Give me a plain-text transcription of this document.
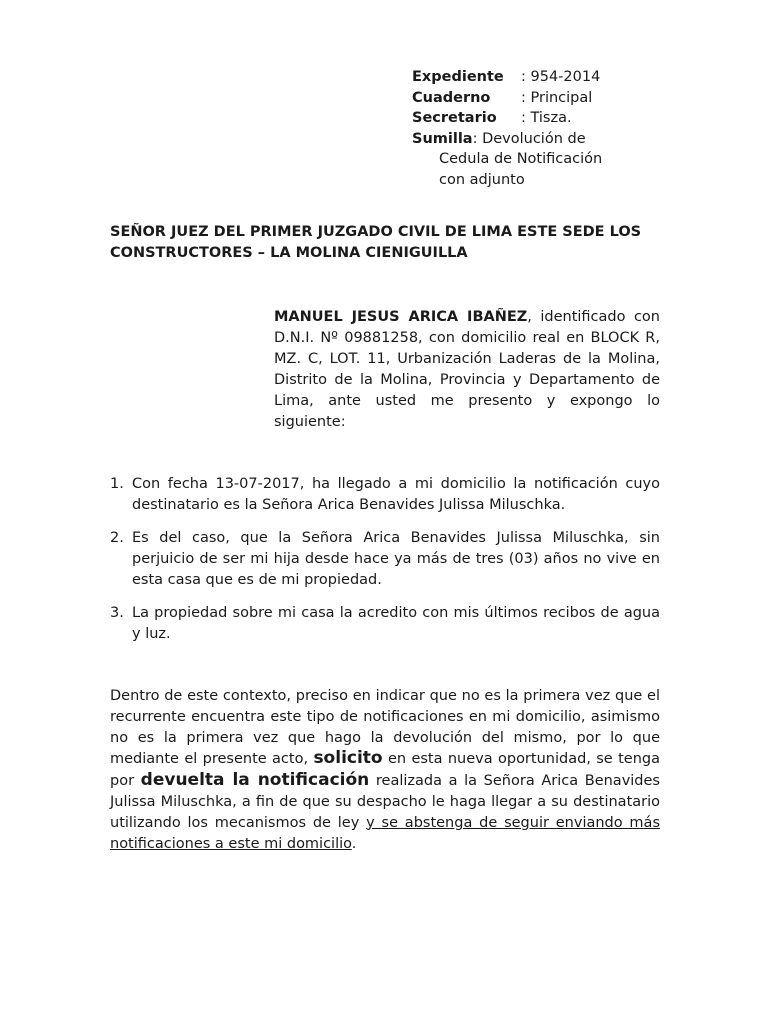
Expediente	: 954-2014
Cuaderno	: Principal
Secretario	: Tisza.
Sumilla : Devolución de
Cedula de Notificación
con adjunto
SEÑOR JUEZ DEL PRIMER JUZGADO CIVIL DE LIMA ESTE SEDE LOS CONSTRUCTORES – LA MOLINA CIENIGUILLA
MANUEL JESUS ARICA IBAÑEZ, identificado con D.N.I. Nº 09881258, con domicilio real en BLOCK R, MZ. C, LOT. 11, Urbanización Laderas de la Molina, Distrito de la Molina, Provincia y Departamento de Lima, ante usted me presento y expongo lo siguiente:
1. Con fecha 13-07-2017, ha llegado a mi domicilio la notificación cuyo destinatario es la Señora Arica Benavides Julissa Miluschka.
2. Es del caso, que la Señora Arica Benavides Julissa Miluschka, sin perjuicio de ser mi hija desde hace ya más de tres (03) años no vive en esta casa que es de mi propiedad.
3. La propiedad sobre mi casa la acredito con mis últimos recibos de agua y luz.
Dentro de este contexto, preciso en indicar que no es la primera vez que el recurrente encuentra este tipo de notificaciones en mi domicilio, asimismo no es la primera vez que hago la devolución del mismo, por lo que mediante el presente acto, solicito en esta nueva oportunidad, se tenga por devuelta la notificación realizada a la Señora Arica Benavides Julissa Miluschka, a fin de que su despacho le haga llegar a su destinatario utilizando los mecanismos de ley y se abstenga de seguir enviando más notificaciones a este mi domicilio.
